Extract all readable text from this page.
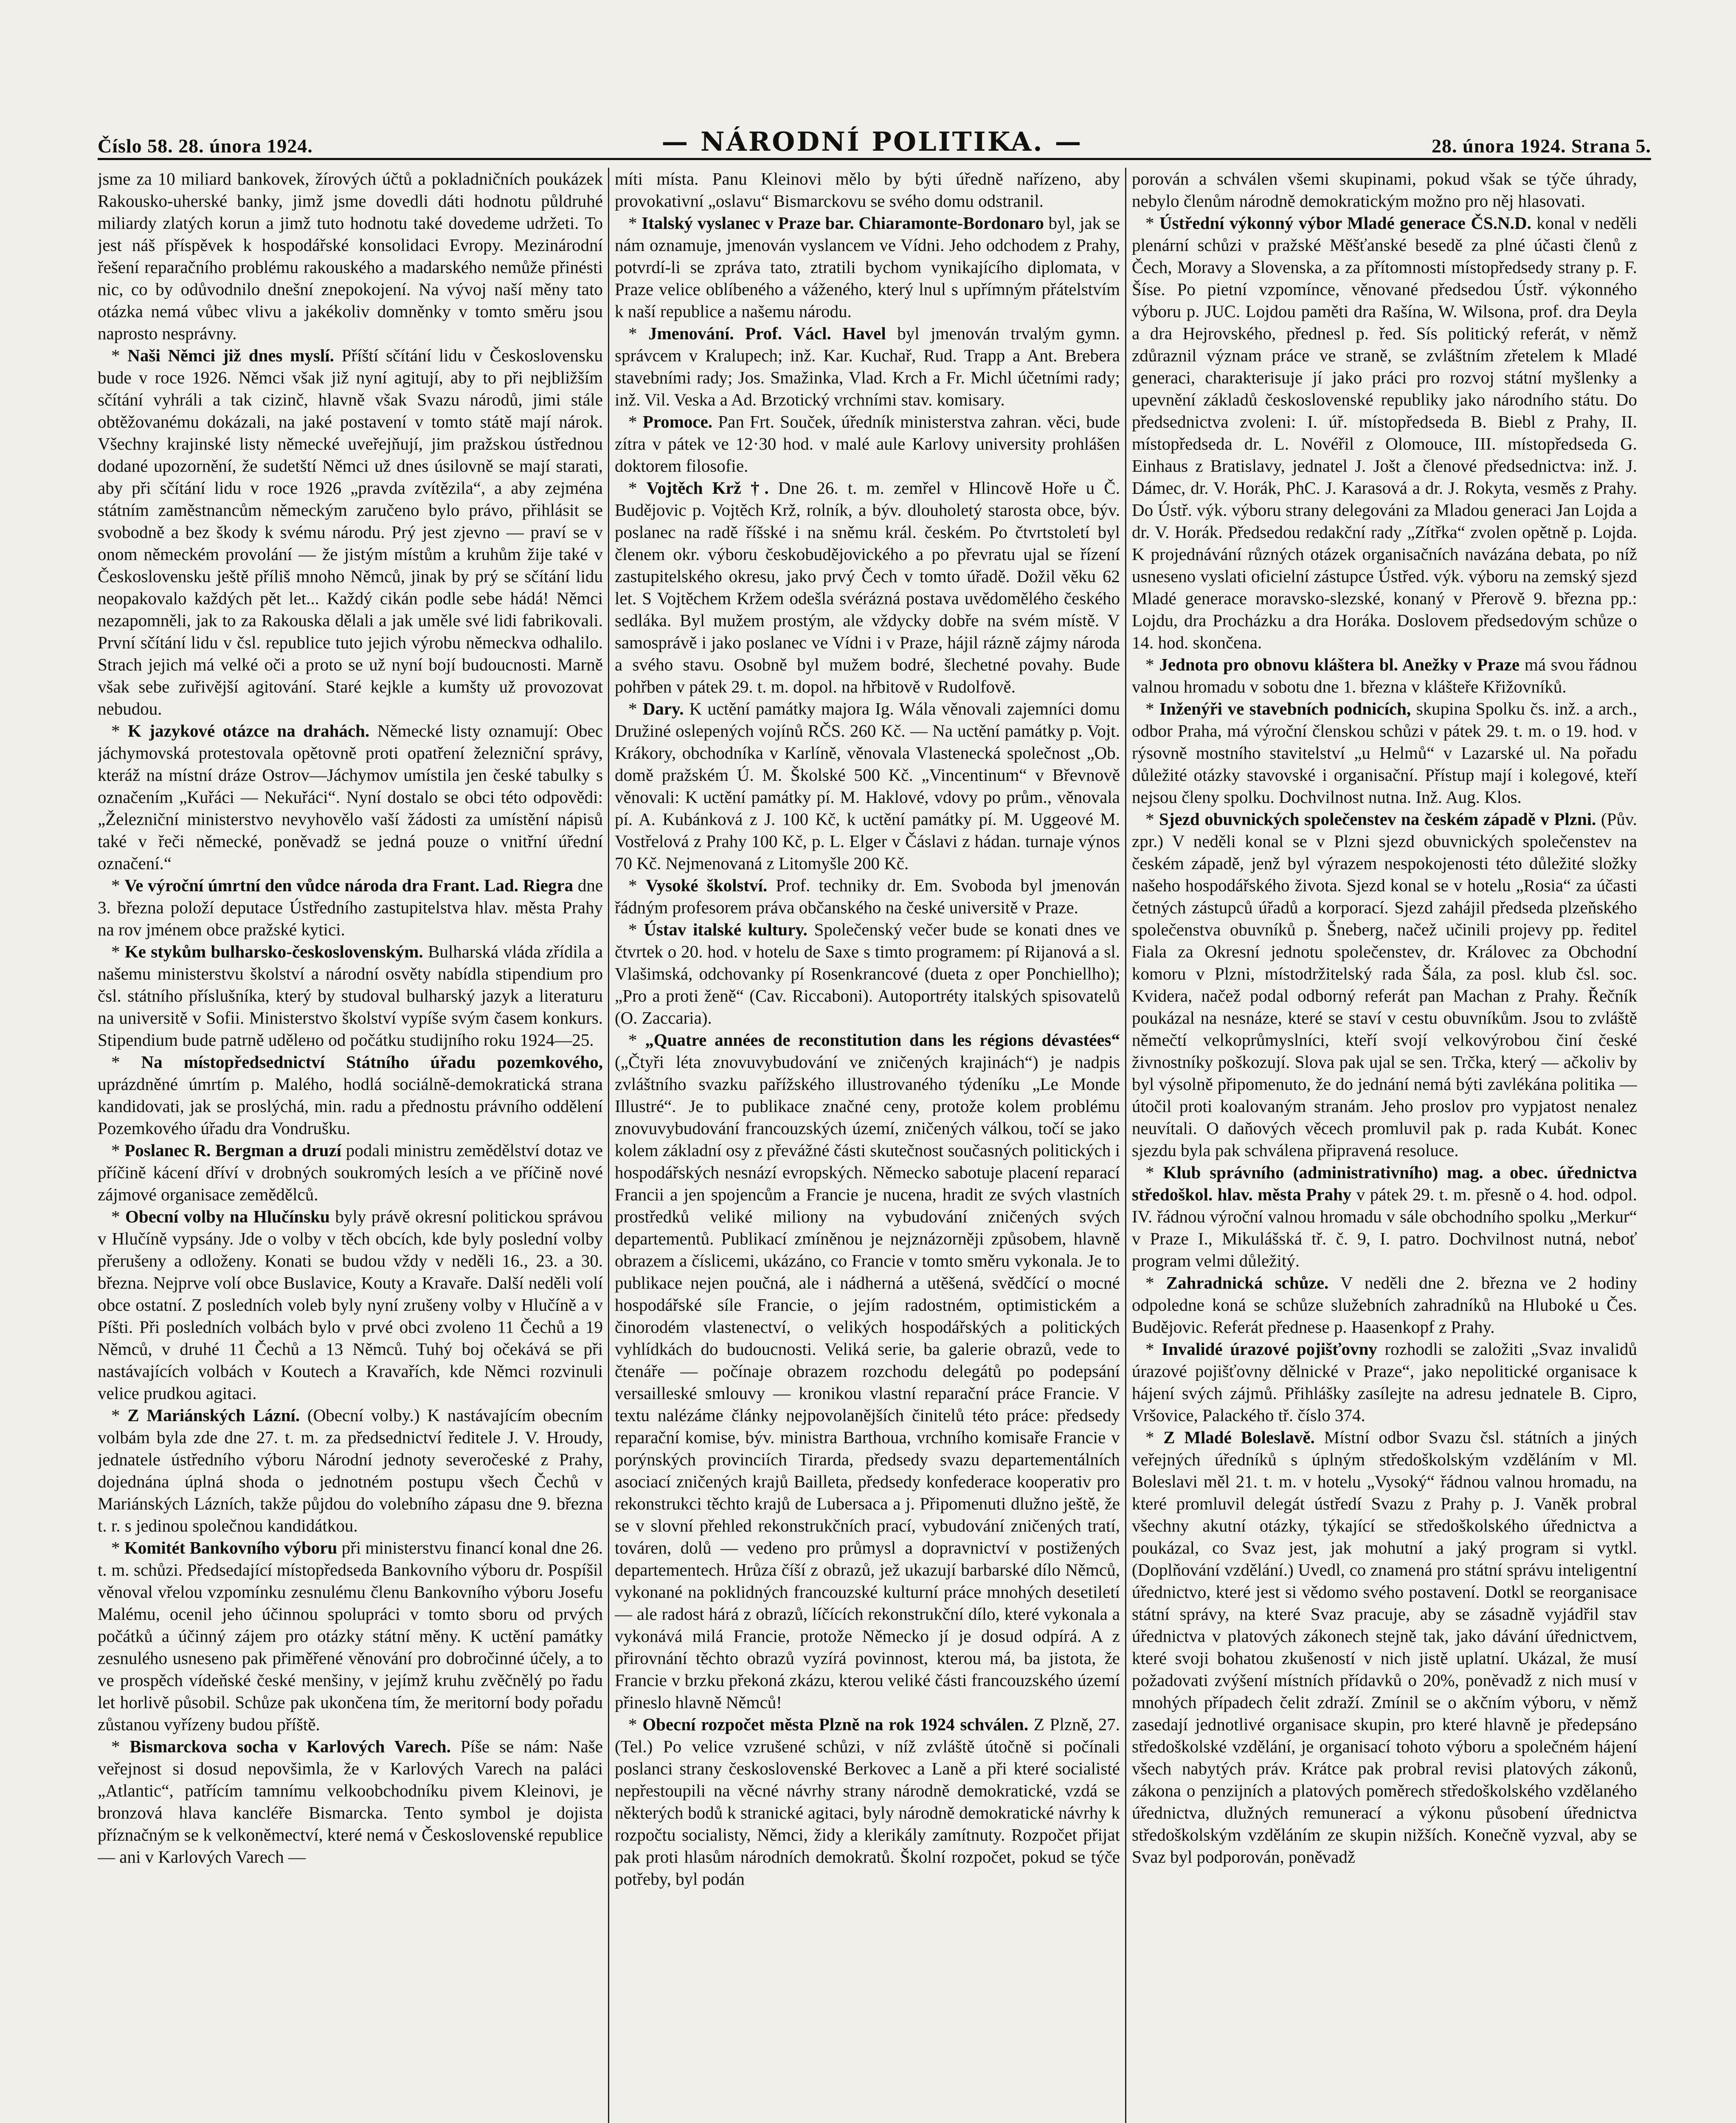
Číslo 58. 28. února 1924.	— NÁRODNÍ POLITIKA. —	28. února 1924. Strana 5.

jsme za 10 miliard bankovek, žírových účtů a pokladničních poukázek Rakousko-uherské banky, jimž jsme dovedli dáti hodnotu půldruhé miliardy zlatých korun a jimž tuto hodnotu také dovedeme udržeti. To jest náš příspěvek k hospodářské konsolidaci Evropy. Mezinárodní řešení reparačního problému rakouského a madarského nemůže přinésti nic, co by odůvodnilo dnešní znepokojení. Na vývoj naší měny tato otázka nemá vůbec vlivu a jakékoliv domněnky v tomto směru jsou naprosto nesprávny.

* Naši Němci již dnes myslí. Příští sčítání lidu v Československu bude v roce 1926. Němci však již nyní agitují, aby to při nejbližším sčítání vyhráli a tak cizinč, hlavně však Svazu národů, jimi stále obtěžovanému dokázali, na jaké postavení v tomto státě mají nárok. Všechny krajinské listy německé uveřejňují, jim pražskou ústřednou dodané upozornění, že sudetští Němci už dnes úsilovně se mají starati, aby při sčítání lidu v roce 1926 „pravda zvítězila“, a aby zejména státním zaměstnancům německým zaručeno bylo právo, přihlásit se svobodně a bez škody k svému národu. Prý jest zjevno — praví se v onom německém provolání — že jistým místům a kruhům žije také v Československu ještě příliš mnoho Němců, jinak by prý se sčítání lidu neopakovalo každých pět let... Každý cikán podle sebe hádá! Němci nezapomněli, jak to za Rakouska dělali a jak uměle své lidi fabrikovali. První sčítání lidu v čsl. republice tuto jejich výrobu německva odhalilo. Strach jejich má velké oči a proto se už nyní bojí budoucnosti. Marně však sebe zuřivější agitování. Staré kejkle a kumšty už provozovat nebudou.

* K jazykové otázce na drahách. Německé listy oznamují: Obec jáchymovská protestovala opětovně proti opatření železniční správy, kteráž na místní dráze Ostrov—Jáchymov umístila jen české tabulky s označením „Kuřáci — Nekuřáci“. Nyní dostalo se obci této odpovědi: „Železniční ministerstvo nevyhovělo vaší žádosti za umístění nápisů také v řeči německé, poněvadž se jedná pouze o vnitřní úřední označení.“

* Ve výroční úmrtní den vůdce národa dra Frant. Lad. Riegra dne 3. března položí deputace Ústředního zastupitelstva hlav. města Prahy na rov jménem obce pražské kytici.

* Ke stykům bulharsko-československým. Bulharská vláda zřídila a našemu ministerstvu školství a národní osvěty nabídla stipendium pro čsl. státního příslušníka, který by studoval bulharský jazyk a literaturu na universitě v Sofii. Ministerstvo školství vypíše svým časem konkurs. Stipendium bude patrně udělено od počátku studijního roku 1924—25.

* Na místopředsednictví Státního úřadu pozemkového, uprázdněné úmrtím p. Malého, hodlá sociálně-demokratická strana kandidovati, jak se proslýchá, min. radu a přednostu právního oddělení Pozemkového úřadu dra Vondrušku.

* Poslanec R. Bergman a druzí podali ministru zemědělství dotaz ve příčině kácení dříví v drobných soukromých lesích a ve příčině nové zájmové organisace zemědělců.

* Obecní volby na Hlučínsku byly právě okresní politickou správou v Hlučíně vypsány. Jde o volby v těch obcích, kde byly poslední volby přerušeny a odloženy. Konati se budou vždy v neděli 16., 23. a 30. března. Nejprve volí obce Buslavice, Kouty a Kravaře. Další neděli volí obce ostatní. Z posledních voleb byly nyní zrušeny volby v Hlučíně a v Píšti. Při posledních volbách bylo v prvé obci zvoleno 11 Čechů a 19 Němců, v druhé 11 Čechů a 13 Němců. Tuhý boj očekává se při nastávajících volbách v Koutech a Kravařích, kde Němci rozvinuli velice prudkou agitaci.

* Z Mariánských Lázní. (Obecní volby.) K nastávajícím obecním volbám byla zde dne 27. t. m. za předsednictví ředitele J. V. Hroudy, jednatele ústředního výboru Národní jednoty severočeské z Prahy, dojednána úplná shoda o jednotném postupu všech Čechů v Mariánských Lázních, takže půjdou do volebního zápasu dne 9. března t. r. s jedinou společnou kandidátkou.

* Komitét Bankovního výboru při ministerstvu financí konal dne 26. t. m. schůzi. Předsedající místopředseda Bankovního výboru dr. Pospíšil věnoval vřelou vzpomínku zesnulému členu Bankovního výboru Josefu Malému, ocenil jeho účinnou spolupráci v tomto sboru od prvých počátků a účinný zájem pro otázky státní měny. K uctění památky zesnulého usneseno pak přiměřené věnování pro dobročinné účely, a to ve prospěch vídeňské české menšiny, v jejímž kruhu zvěčnělý po řadu let horlivě působil. Schůze pak ukončena tím, že meritorní body pořadu zůstanou vyřízeny budou příště.

* Bismarckova socha v Karlových Varech. Píše se nám: Naše veřejnost si dosud nepovšimla, že v Karlových Varech na paláci „Atlantic“, patřícím tamnímu velkoobchodníku pivem Kleinovi, je bronzová hlava kancléře Bismarcka. Tento symbol je dojista příznačným se k velkoněmectví, které nemá v Československé republice — ani v Karlových Varech —

míti místa. Panu Kleinovi mělo by býti úředně nařízeno, aby provokativní „oslavu“ Bismarckovu se svého domu odstranil.

* Italský vyslanec v Praze bar. Chiaramonte-Bordonaro byl, jak se nám oznamuje, jmenován vyslancem ve Vídni. Jeho odchodem z Prahy, potvrdí-li se zpráva tato, ztratili bychom vynikajícího diplomata, v Praze velice oblíbeného a váženého, který lnul s upřímným přátelstvím k naší republice a našemu národu.

* Jmenování. Prof. Václ. Havel byl jmenován trvalým gymn. správcem v Kralupech; inž. Kar. Kuchař, Rud. Trapp a Ant. Brebera stavebními rady; Jos. Smažinka, Vlad. Krch a Fr. Michl účetními rady; inž. Vil. Veska a Ad. Brzotický vrchními stav. komisary.

* Promoce. Pan Frt. Souček, úředník ministerstva zahran. věci, bude zítra v pátek ve 12·30 hod. v malé aule Karlovy university prohlášen doktorem filosofie.

* Vojtěch Krž †. Dne 26. t. m. zemřel v Hlincově Hoře u Č. Budějovic p. Vojtěch Krž, rolník, a býv. dlouholetý starosta obce, býv. poslanec na radě říšské i na sněmu král. českém. Po čtvrtstoletí byl členem okr. výboru českobudějovického a po převratu ujal se řízení zastupitelského okresu, jako prvý Čech v tomto úřadě. Dožil věku 62 let. S Vojtěchem Kržem odešla svérázná postava uvědomělého českého sedláka. Byl mužem prostým, ale vždycky dobře na svém místě. V samosprávě i jako poslanec ve Vídni i v Praze, hájil rázně zájmy národa a svého stavu. Osobně byl mužem bodré, šlechetné povahy. Bude pohřben v pátek 29. t. m. dopol. na hřbitově v Rudolfově.

* Dary. K uctění památky majora Ig. Wála věnovali zajemníci domu Družiné oslepených vojínů RČS. 260 Kč. — Na uctění památky p. Vojt. Krákory, obchodníka v Karlíně, věnovala Vlastenecká společnost „Ob. domě pražském Ú. M. Školské 500 Kč. „Vincentinum“ v Břevnově věnovali: K uctění památky pí. M. Haklové, vdovy po prům., věnovala pí. A. Kubánková z J. 100 Kč, k uctění památky pí. M. Uggeové M. Vostřelová z Prahy 100 Kč, p. L. Elger v Čáslavi z hádan. turnaje výnos 70 Kč. Nejmenovaná z Litomyšle 200 Kč.

* Vysoké školství. Prof. techniky dr. Em. Svoboda byl jmenován řádným profesorem práva občanského na české universitě v Praze.

* Ústav italské kultury. Společenský večer bude se konati dnes ve čtvrtek o 20. hod. v hotelu de Saxe s timto programem: pí Rijanová a sl. Vlašimská, odchovanky pí Rosenkrancové (dueta z oper Ponchiellho); „Pro a proti ženě“ (Cav. Riccaboni). Autoportréty italských spisovatelů (O. Zaccaria).

* „Quatre années de reconstitution dans les régions dévastées“ („Čtyři léta znovuvybudování ve zničených krajinách“) je nadpis zvláštního svazku pařížského illustrovaného týdeníku „Le Monde Illustré“. Je to publikace značné ceny, protože kolem problému znovuvybudování francouzských území, zničených válkou, točí se jako kolem základní osy z převážné části skutečnost současných politických i hospodářských nesnází evropských. Německo sabotuje placení reparací Francii a jen spojencům a Francie je nucena, hradit ze svých vlastních prostředků veliké miliony na vybudování zničených svých departementů. Publikací zmíněnou je nejznázorněji způsobem, hlavně obrazem a číslicemi, ukázáno, co Francie v tomto směru vykonala. Je to publikace nejen poučná, ale i nádherná a utěšená, svědčící o mocné hospodářské síle Francie, o jejím radostném, optimistickém a činorodém vlastenectví, o velikých hospodářských a politických vyhlídkách do budoucnosti. Veliká serie, ba galerie obrazů, vede to čtenáře — počínaje obrazem rozchodu delegátů po podepsání versailleské smlouvy — kronikou vlastní reparační práce Francie. V textu nalézáme články nejpovolanějších činitelů této práce: předsedy reparační komise, býv. ministra Barthoua, vrchního komisaře Francie v porýnských provinciích Tirarda, předsedy svazu departementálních asociací zničených krajů Bailleta, předsedy konfederace kooperativ pro rekonstrukci těchto krajů de Lubersaca a j. Připomenuti dlužno ještě, že se v slovní přehled rekonstrukčních prací, vybudování zničených tratí, továren, dolů — vedeno pro průmysl a dopravnictví v postižených departementech. Hrůza číší z obrazů, jež ukazují barbarské dílo Němců, vykonané na poklidných francouzské kulturní práce mnohých desetiletí — ale radost hárá z obrazů, líčících rekonstrukční dílo, které vykonala a vykonává milá Francie, protože Německo jí je dosud odpírá. A z přirovnání těchto obrazů vyzírá povinnost, kterou má, ba jistota, že Francie v brzku překoná zkázu, kterou veliké části francouzského území přineslo hlavně Němců!

* Obecní rozpočet města Plzně na rok 1924 schválen. Z Plzně, 27. (Tel.) Po velice vzrušené schůzi, v níž zvláště útočně si počínali poslanci strany československé Berkovec a Laně a při které socialisté nepřestoupili na věcné návrhy strany národně demokratické, vzdá se některých bodů k stranické agitaci, byly národně demokratické návrhy k rozpočtu socialisty, Němci, židy a klerikály zamítnuty. Rozpočet přijat pak proti hlasům národních demokratů. Školní rozpočet, pokud se týče potřeby, byl podán

porován a schválen všemi skupinami, pokud však se týče úhrady, nebylo členům národně demokratickým možno pro něj hlasovati.

* Ústřední výkonný výbor Mladé generace ČS.N.D. konal v neděli plenární schůzi v pražské Měšťanské besedě za plné účasti členů z Čech, Moravy a Slovenska, a za přítomnosti místopředsedy strany p. F. Šíse. Po pietní vzpomínce, věnované předsedou Ústř. výkonného výboru p. JUC. Lojdou paměti dra Rašína, W. Wilsona, prof. dra Deyla a dra Hejrovského, přednesl p. řed. Sís politický referát, v němž zdůraznil význam práce ve straně, se zvláštním zřetelem k Mladé generaci, charakterisuje jí jako práci pro rozvoj státní myšlenky a upevnění základů československé republiky jako národního státu. Do předsednictva zvoleni: I. úř. místopředseda B. Biebl z Prahy, II. místopředseda dr. L. Novéřil z Olomouce, III. místopředseda G. Einhaus z Bratislavy, jednatel J. Jošt a členové předsednictva: inž. J. Dámec, dr. V. Horák, PhC. J. Karasová a dr. J. Rokyta, vesměs z Prahy. Do Ústř. výk. výboru strany delegováni za Mladou generaci Jan Lojda a dr. V. Horák. Předsedou redakční rady „Zítřka“ zvolen opětně p. Lojda. K projednávání různých otázek organisačních navázána debata, po níž usneseno vyslati oficielní zástupce Ústřed. výk. výboru na zemský sjezd Mladé generace moravsko-slezské, konaný v Přerově 9. března pp.: Lojdu, dra Procházku a dra Horáka. Doslovem předsedovým schůze o 14. hod. skončena.

* Jednota pro obnovu kláštera bl. Anežky v Praze má svou řádnou valnou hromadu v sobotu dne 1. března v klášteře Křižovníků.

* Inženýři ve stavebních podnicích, skupina Spolku čs. inž. a arch., odbor Praha, má výroční členskou schůzi v pátek 29. t. m. o 19. hod. v rýsovně mostního stavitelství „u Helmů“ v Lazarské ul. Na pořadu důležité otázky stavovské i organisační. Přístup mají i kolegové, kteří nejsou členy spolku. Dochvilnost nutna. Inž. Aug. Klos.

* Sjezd obuvnických společenstev na českém západě v Plzni. (Pův. zpr.) V neděli konal se v Plzni sjezd obuvnických společenstev na českém západě, jenž byl výrazem nespokojenosti této důležité složky našeho hospodářského života. Sjezd konal se v hotelu „Rosia“ za účasti četných zástupců úřadů a korporací. Sjezd zahájil předseda plzeňského společenstva obuvníků p. Šneberg, načež učinili projevy pp. ředitel Fiala za Okresní jednotu společenstev, dr. Královec za Obchodní komoru v Plzni, místodržitelský rada Šála, za posl. klub čsl. soc. Kvidera, načež podal odborný referát pan Machan z Prahy. Řečník poukázal na nesnáze, které se staví v cestu obuvníkům. Jsou to zvláště němečtí velkoprůmyslníci, kteří svojí velkovýrobou činí české živnostníky poškozují. Slova pak ujal se sen. Trčka, který — ačkoliv by byl výsolně připomenuto, že do jednání nemá býti zavlékána politika — útočil proti koalovaným stranám. Jeho proslov pro vypjatost nenalez neuvítali. O daňových věcech promluvil pak p. rada Kubát. Konec sjezdu byla pak schválena připravená resoluce.

* Klub správního (administrativního) mag. a obec. úřednictva středoškol. hlav. města Prahy v pátek 29. t. m. přesně o 4. hod. odpol. IV. řádnou výroční valnou hromadu v sále obchodního spolku „Merkur“ v Praze I., Mikulášská tř. č. 9, I. patro. Dochvilnost nutná, neboť program velmi důležitý.

* Zahradnická schůze. V neděli dne 2. března ve 2 hodiny odpoledne koná se schůze služebních zahradníků na Hluboké u Čes. Budějovic. Referát přednese p. Haasenkopf z Prahy.

* Invalidé úrazové pojišťovny rozhodli se založiti „Svaz invalidů úrazové pojišťovny dělnické v Praze“, jako nepolitické organisace k hájení svých zájmů. Přihlášky zasílejte na adresu jednatele B. Cipro, Vršovice, Palackého tř. číslo 374.

* Z Mladé Boleslavě. Místní odbor Svazu čsl. státních a jiných veřejných úředníků s úplným středoškolským vzděláním v Ml. Boleslavi měl 21. t. m. v hotelu „Vysoký“ řádnou valnou hromadu, na které promluvil delegát ústředí Svazu z Prahy p. J. Vaněk probral všechny akutní otázky, týkající se středoškolského úřednictva a poukázal, co Svaz jest, jak mohutní a jaký program si vytkl. (Doplňování vzdělání.) Uvedl, co znamená pro státní správu inteligentní úřednictvo, které jest si vědomo svého postavení. Dotkl se reorganisace státní správy, na které Svaz pracuje, aby se zásadně vyjádřil stav úřednictva v platových zákonech stejně tak, jako dávání úřednictvem, které svoji bohatou zkušeností v nich jistě uplatní. Ukázal, že musí požadovati zvýšení místních přídavků o 20%, poněvadž z nich musí v mnohých případech čelit zdraží. Zmínil se o akčním výboru, v němž zasedají jednotlivé organisace skupin, pro které hlavně je předepsáno středoškolské vzdělání, je organisací tohoto výboru a společném hájení všech nabytých práv. Krátce pak probral revisi platových zákonů, zákona o penzijních a platových poměrech středoškolského vzdělaného úřednictva, dlužných remunerací a výkonu působení úřednictva středoškolským vzděláním ze skupin nižších. Konečně vyzval, aby se Svaz byl podporován, poněvadž
